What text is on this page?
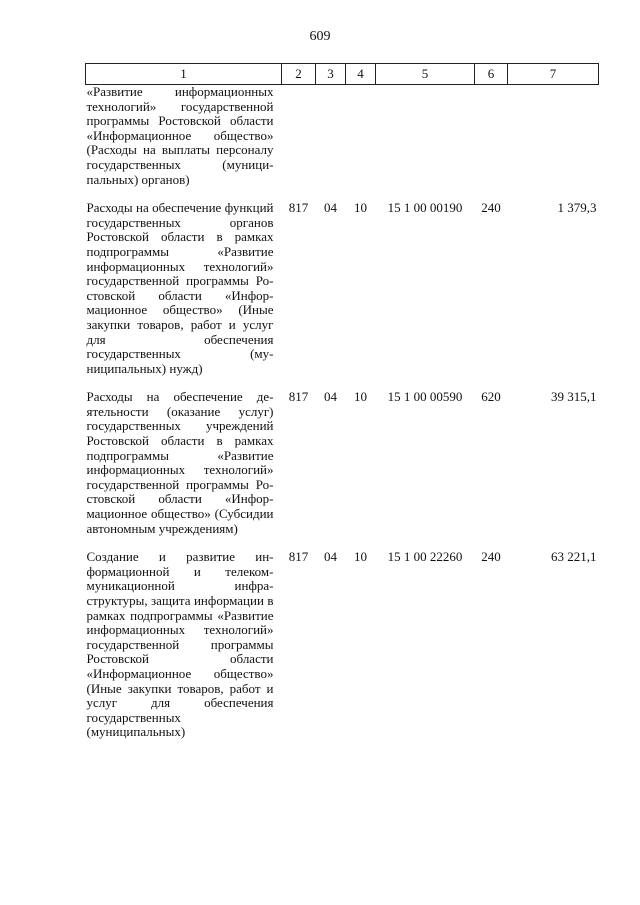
609
1	2	3	4	5	6	7
«Развитие информационных технологий» государственной программы Ростовской области «Информационное общество» (Расходы на выплаты персоналу государственных (муниципальных) органов)						
Расходы на обеспечение функций государственных органов Ростовской области в рамках подпрограммы «Развитие информационных технологий» государственной программы Ростовской области «Информационное общество» (Иные закупки товаров, работ и услуг для обеспечения государственных (муниципальных) нужд)	817	04	10	15 1 00 00190	240	1 379,3
Расходы на обеспечение деятельности (оказание услуг) государственных учреждений Ростовской области в рамках подпрограммы «Развитие информационных технологий» государственной программы Ростовской области «Информационное общество» (Субсидии автономным учреждениям)	817	04	10	15 1 00 00590	620	39 315,1
Создание и развитие информационной и телекоммуникационной инфраструктуры, защита информации в рамках подпрограммы «Развитие информационных технологий» государственной программы Ростовской области «Информационное общество» (Иные закупки товаров, работ и услуг для обеспечения государственных (муниципальных)	817	04	10	15 1 00 22260	240	63 221,1
